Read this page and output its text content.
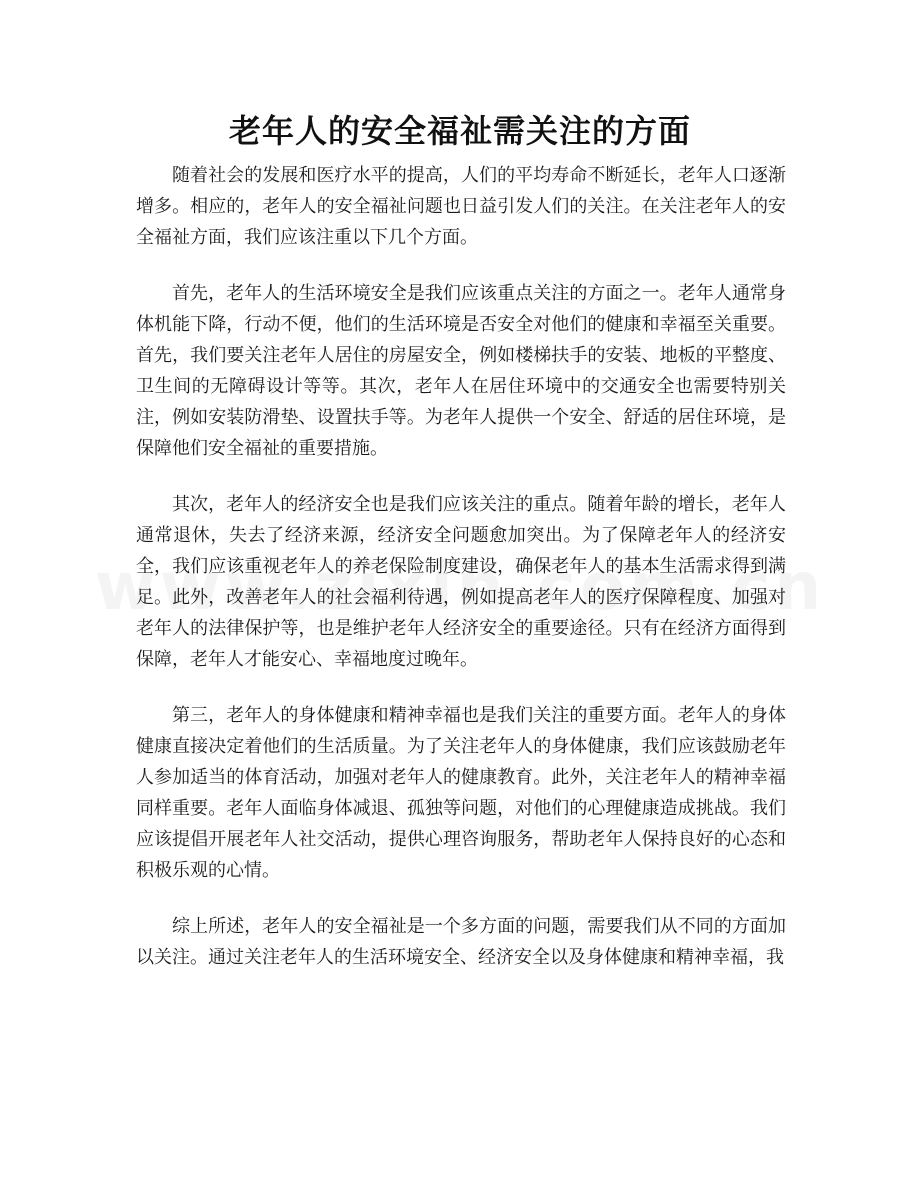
老年人的安全福祉需关注的方面

随着社会的发展和医疗水平的提高，人们的平均寿命不断延长，老年人口逐渐增多。相应的，老年人的安全福祉问题也日益引发人们的关注。在关注老年人的安全福祉方面，我们应该注重以下几个方面。

首先，老年人的生活环境安全是我们应该重点关注的方面之一。老年人通常身体机能下降，行动不便，他们的生活环境是否安全对他们的健康和幸福至关重要。首先，我们要关注老年人居住的房屋安全，例如楼梯扶手的安装、地板的平整度、卫生间的无障碍设计等等。其次，老年人在居住环境中的交通安全也需要特别关注，例如安装防滑垫、设置扶手等。为老年人提供一个安全、舒适的居住环境，是保障他们安全福祉的重要措施。

其次，老年人的经济安全也是我们应该关注的重点。随着年龄的增长，老年人通常退休，失去了经济来源，经济安全问题愈加突出。为了保障老年人的经济安全，我们应该重视老年人的养老保险制度建设，确保老年人的基本生活需求得到满足。此外，改善老年人的社会福利待遇，例如提高老年人的医疗保障程度、加强对老年人的法律保护等，也是维护老年人经济安全的重要途径。只有在经济方面得到保障，老年人才能安心、幸福地度过晚年。

第三，老年人的身体健康和精神幸福也是我们关注的重要方面。老年人的身体健康直接决定着他们的生活质量。为了关注老年人的身体健康，我们应该鼓励老年人参加适当的体育活动，加强对老年人的健康教育。此外，关注老年人的精神幸福同样重要。老年人面临身体减退、孤独等问题，对他们的心理健康造成挑战。我们应该提倡开展老年人社交活动，提供心理咨询服务，帮助老年人保持良好的心态和积极乐观的心情。

综上所述，老年人的安全福祉是一个多方面的问题，需要我们从不同的方面加以关注。通过关注老年人的生活环境安全、经济安全以及身体健康和精神幸福，我
